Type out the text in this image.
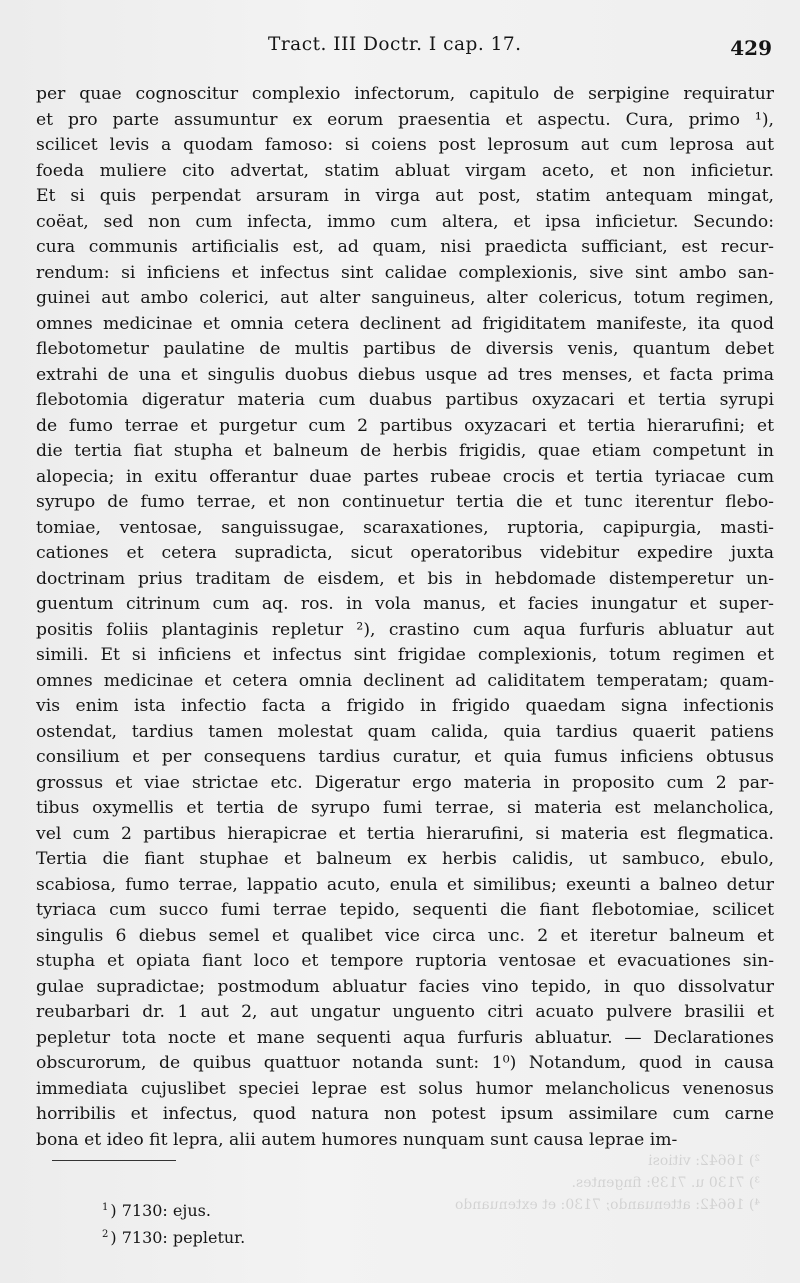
Tract. III Doctr. I cap. 17.	429
per quae cognoscitur complexio infectorum, capitulo de serpigine requiratur
et pro parte assumuntur ex eorum praesentia et aspectu. Cura, primo ¹),
scilicet levis a quodam famoso: si coiens post leprosum aut cum leprosa aut
foeda muliere cito advertat, statim abluat virgam aceto, et non inficietur.
Et si quis perpendat arsuram in virga aut post, statim antequam mingat,
coëat, sed non cum infecta, immo cum altera, et ipsa inficietur. Secundo:
cura communis artificialis est, ad quam, nisi praedicta sufficiant, est recur-
rendum: si inficiens et infectus sint calidae complexionis, sive sint ambo san-
guinei aut ambo colerici, aut alter sanguineus, alter colericus, totum regimen,
omnes medicinae et omnia cetera declinent ad frigiditatem manifeste, ita quod
flebotometur paulatine de multis partibus de diversis venis, quantum debet
extrahi de una et singulis duobus diebus usque ad tres menses, et facta prima
flebotomia digeratur materia cum duabus partibus oxyzacari et tertia syrupi
de fumo terrae et purgetur cum 2 partibus oxyzacari et tertia hierarufini; et
die tertia fiat stupha et balneum de herbis frigidis, quae etiam competunt in
alopecia; in exitu offerantur duae partes rubeae crocis et tertia tyriacae cum
syrupo de fumo terrae, et non continuetur tertia die et tunc iterentur flebo-
tomiae, ventosae, sanguissugae, scaraxationes, ruptoria, capipurgia, masti-
cationes et cetera supradicta, sicut operatoribus videbitur expedire juxta
doctrinam prius traditam de eisdem, et bis in hebdomade distemperetur un-
guentum citrinum cum aq. ros. in vola manus, et facies inungatur et super-
positis foliis plantaginis repletur ²), crastino cum aqua furfuris abluatur aut
simili. Et si inficiens et infectus sint frigidae complexionis, totum regimen et
omnes medicinae et cetera omnia declinent ad caliditatem temperatam; quam-
vis enim ista infectio facta a frigido in frigido quaedam signa infectionis
ostendat, tardius tamen molestat quam calida, quia tardius quaerit patiens
consilium et per consequens tardius curatur, et quia fumus inficiens obtusus
grossus et viae strictae etc. Digeratur ergo materia in proposito cum 2 par-
tibus oxymellis et tertia de syrupo fumi terrae, si materia est melancholica,
vel cum 2 partibus hierapicrae et tertia hierarufini, si materia est flegmatica.
Tertia die fiant stuphae et balneum ex herbis calidis, ut sambuco, ebulo,
scabiosa, fumo terrae, lappatio acuto, enula et similibus; exeunti a balneo detur
tyriaca cum succo fumi terrae tepido, sequenti die fiant flebotomiae, scilicet
singulis 6 diebus semel et qualibet vice circa unc. 2 et iteretur balneum et
stupha et opiata fiant loco et tempore ruptoria ventosae et evacuationes sin-
gulae supradictae; postmodum abluatur facies vino tepido, in quo dissolvatur
reubarbari dr. 1 aut 2, aut ungatur unguento citri acuato pulvere brasilii et
pepletur tota nocte et mane sequenti aqua furfuris abluatur. — Declarationes
obscurorum, de quibus quattuor notanda sunt: 1⁰) Notandum, quod in causa
immediata cujuslibet speciei leprae est solus humor melancholicus venenosus
horribilis et infectus, quod natura non potest ipsum assimilare cum carne
bona et ideo fit lepra, alii autem humores nunquam sunt causa leprae im-
$^1$ ) 7130: ejus.
$^2$ ) 7130: pepletur.
²) 16642: vitiosi
³) 7130 u. 7139: fingentes.
⁴) 16642: attenuando; 7130: et extenuando
